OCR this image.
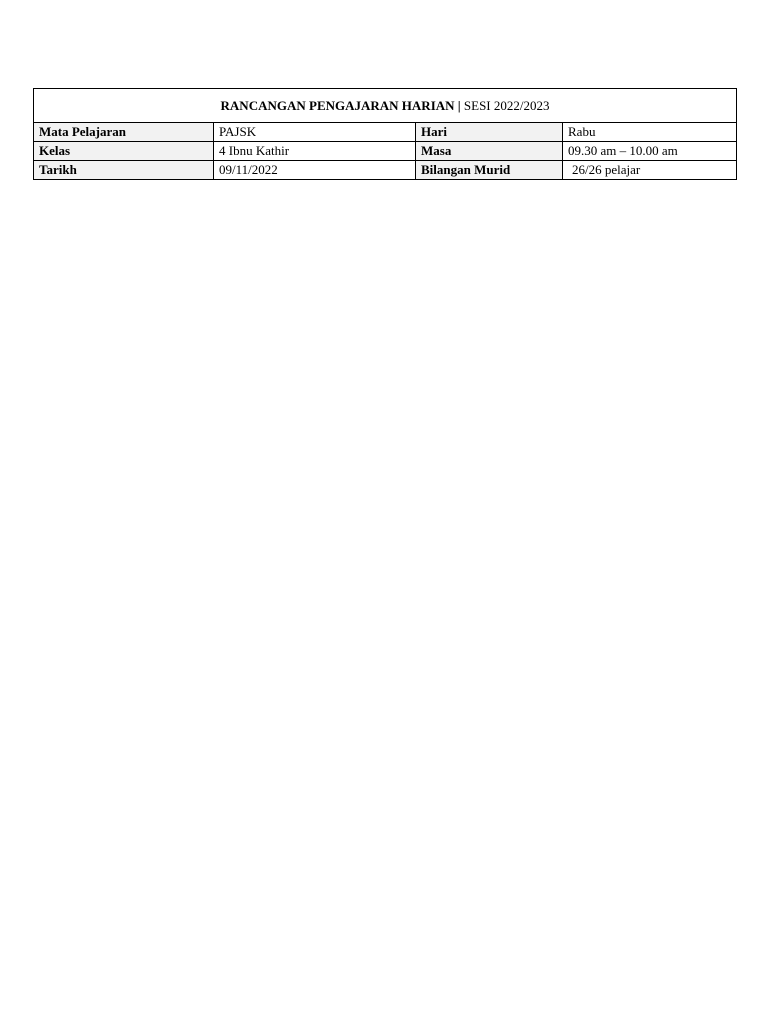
RANCANGAN PENGAJARAN HARIAN | SESI 2022/2023			
Mata Pelajaran	PAJSK	Hari	Rabu
Kelas	4 Ibnu Kathir	Masa	09.30 am – 10.00 am
Tarikh	09/11/2022	Bilangan Murid	26/26 pelajar
